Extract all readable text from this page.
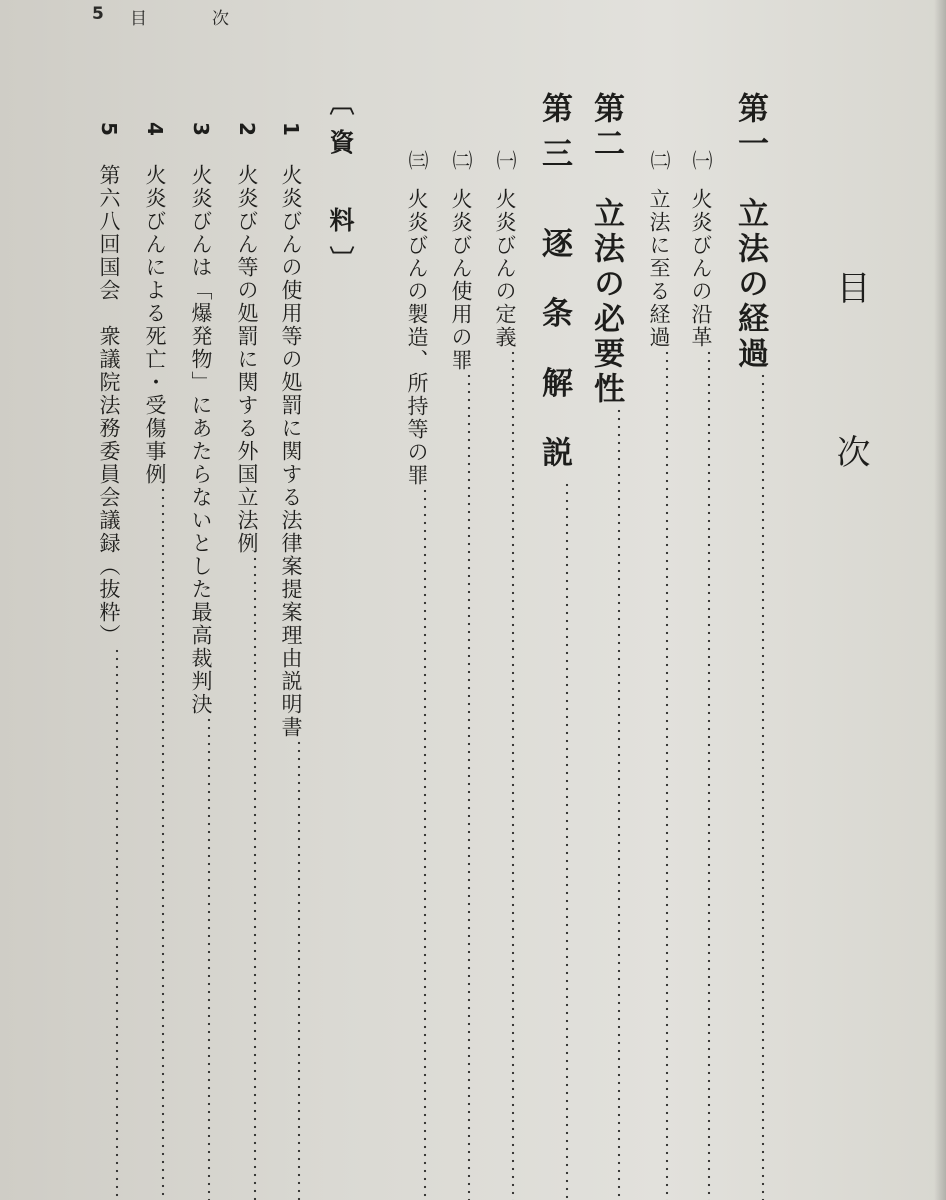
5 目	次
目　次
第一　立法の経過
㈠火炎びんの沿革
㈡立法に至る経過
第二　立法の必要性
第三　逐 条 解 説
㈠火炎びんの定義
㈡火炎びん使用の罪
㈢火炎びんの製造、所持等の罪
〔資　料〕
1火炎びんの使用等の処罰に関する法律案提案理由説明書
2火炎びん等の処罰に関する外国立法例
3火炎びんは「爆発物」にあたらないとした最高裁判決
4火炎びんによる死亡・受傷事例
5第六八回国会　衆議院法務委員会議録（抜粋）
